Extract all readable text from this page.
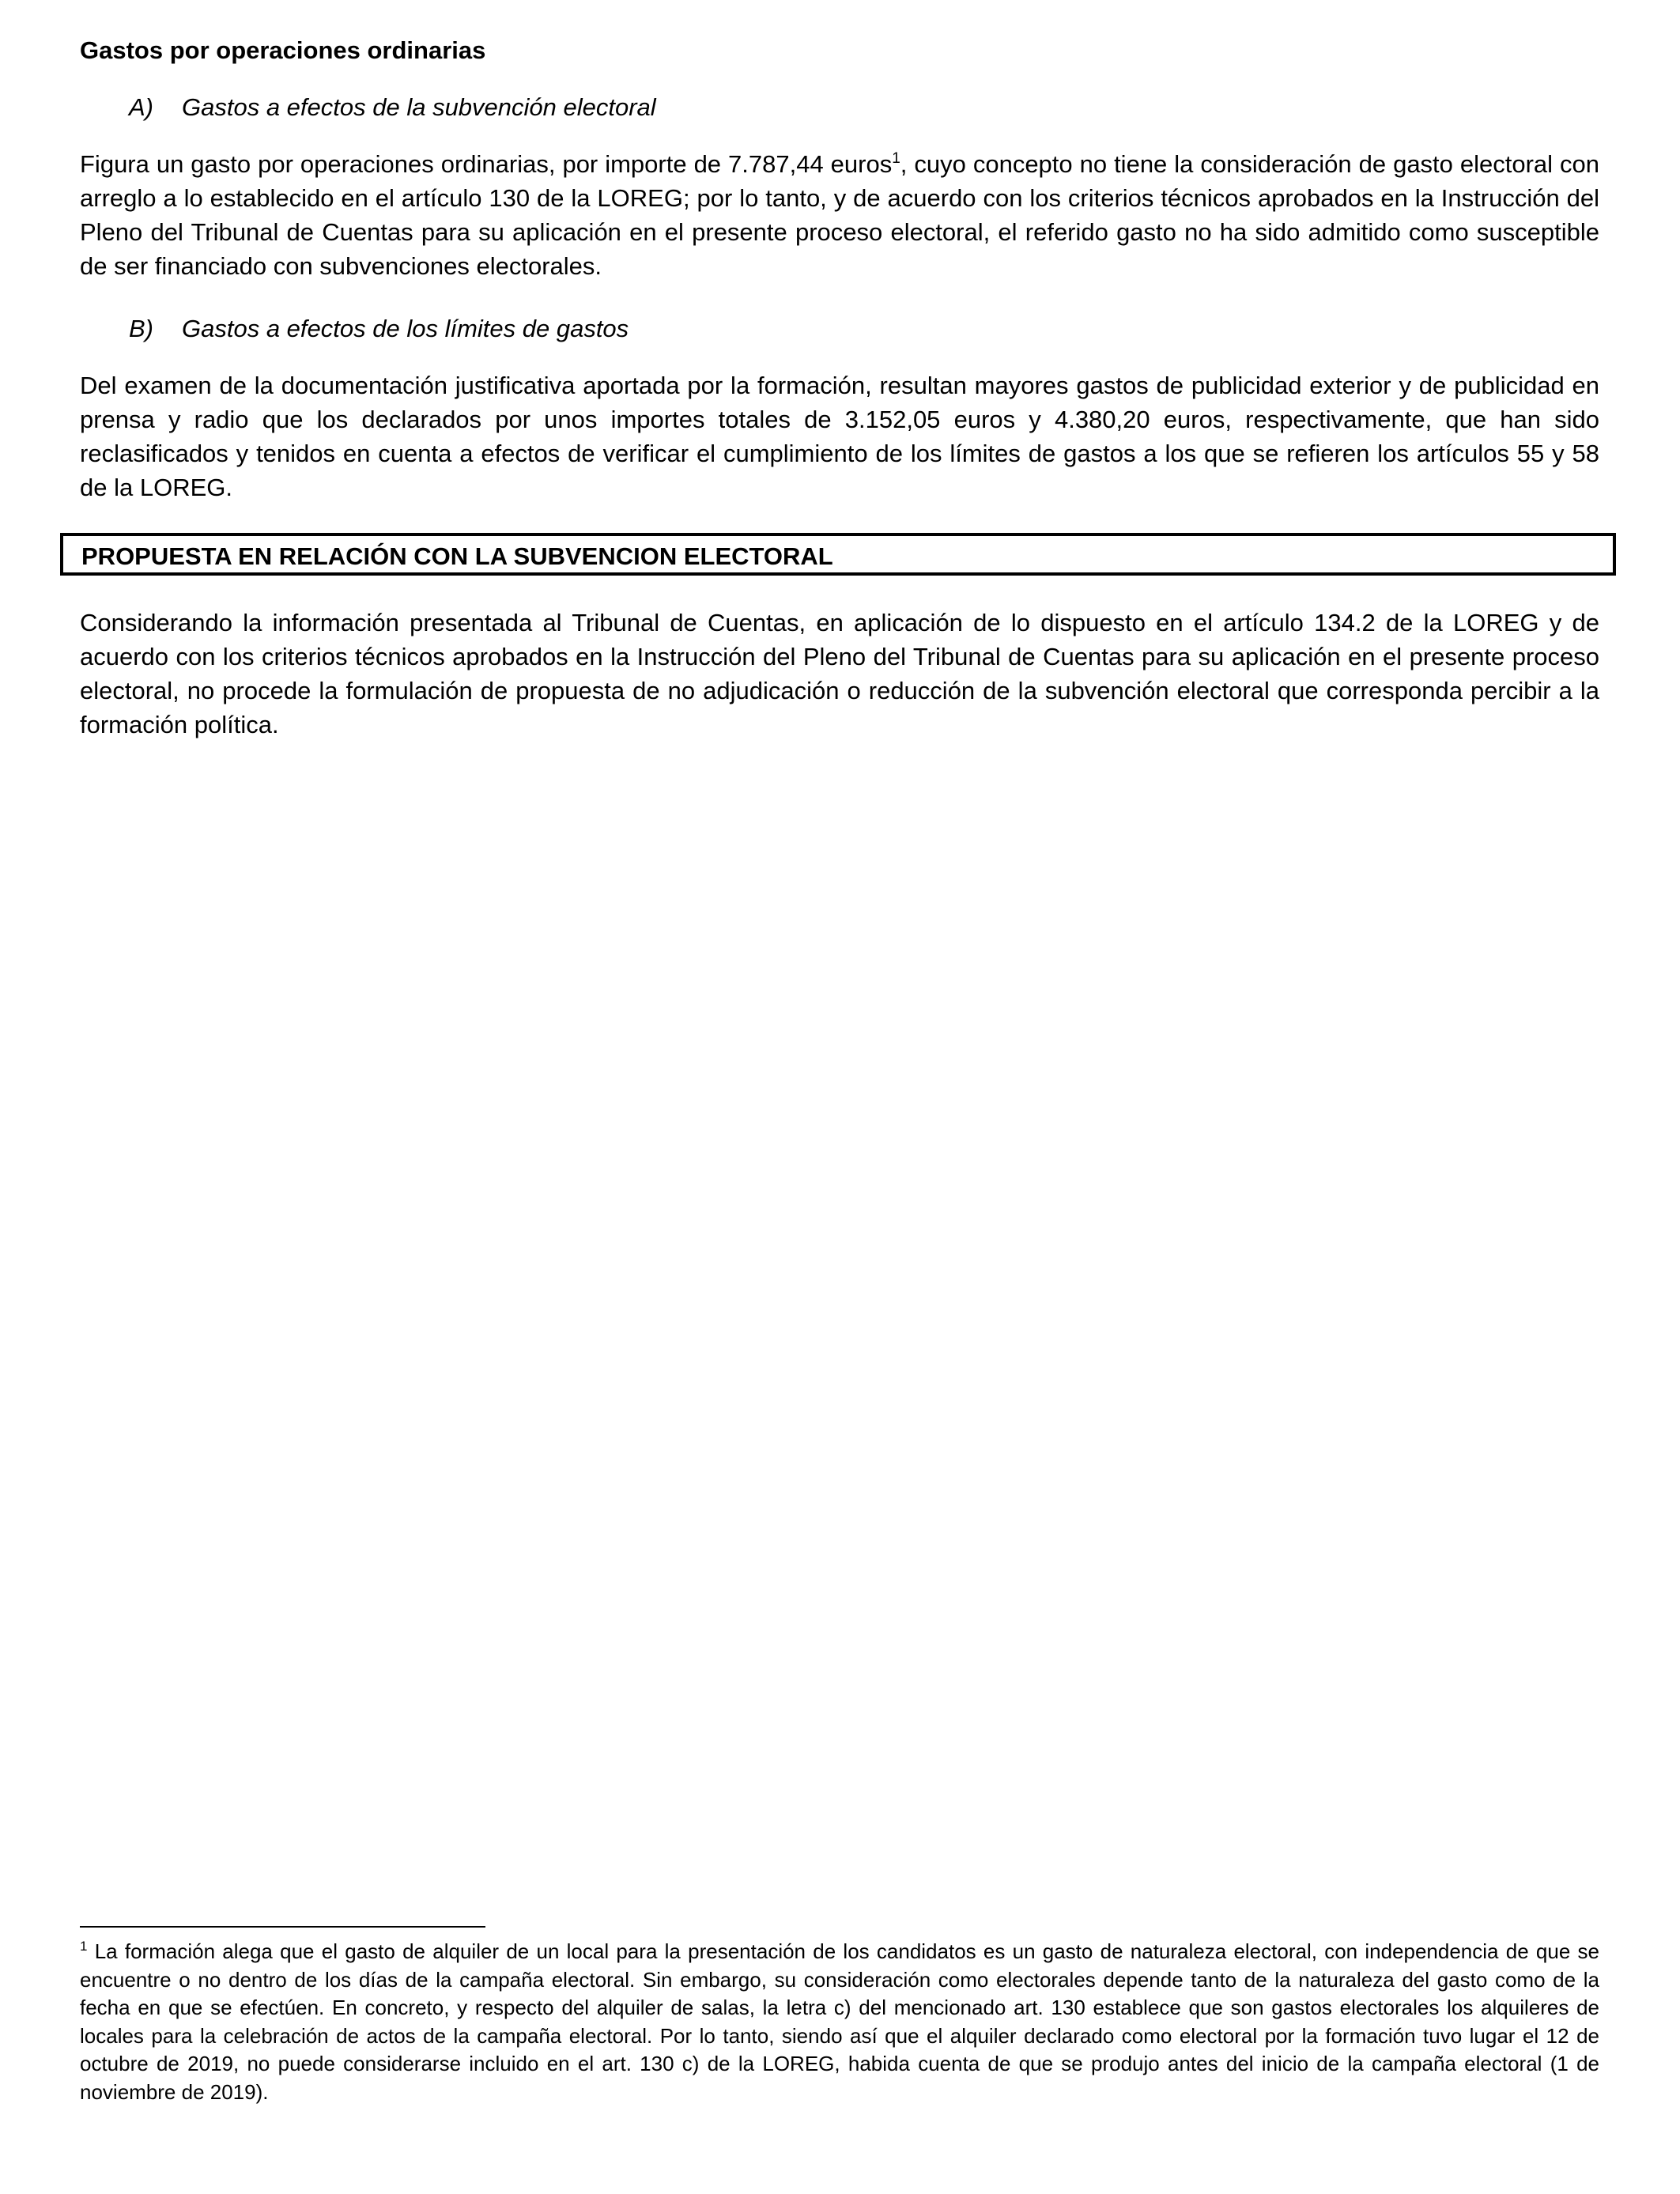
Gastos por operaciones ordinarias

A) Gastos a efectos de la subvención electoral

Figura un gasto por operaciones ordinarias, por importe de 7.787,44 euros$^1$, cuyo concepto no tiene la consideración de gasto electoral con arreglo a lo establecido en el artículo 130 de la LOREG; por lo tanto, y de acuerdo con los criterios técnicos aprobados en la Instrucción del Pleno del Tribunal de Cuentas para su aplicación en el presente proceso electoral, el referido gasto no ha sido admitido como susceptible de ser financiado con subvenciones electorales.

B) Gastos a efectos de los límites de gastos

Del examen de la documentación justificativa aportada por la formación, resultan mayores gastos de publicidad exterior y de publicidad en prensa y radio que los declarados por unos importes totales de 3.152,05 euros y 4.380,20 euros, respectivamente, que han sido reclasificados y tenidos en cuenta a efectos de verificar el cumplimiento de los límites de gastos a los que se refieren los artículos 55 y 58 de la LOREG.

PROPUESTA EN RELACIÓN CON LA SUBVENCION ELECTORAL

Considerando la información presentada al Tribunal de Cuentas, en aplicación de lo dispuesto en el artículo 134.2 de la LOREG y de acuerdo con los criterios técnicos aprobados en la Instrucción del Pleno del Tribunal de Cuentas para su aplicación en el presente proceso electoral, no procede la formulación de propuesta de no adjudicación o reducción de la subvención electoral que corresponda percibir a la formación política.

$^1$ La formación alega que el gasto de alquiler de un local para la presentación de los candidatos es un gasto de naturaleza electoral, con independencia de que se encuentre o no dentro de los días de la campaña electoral. Sin embargo, su consideración como electorales depende tanto de la naturaleza del gasto como de la fecha en que se efectúen. En concreto, y respecto del alquiler de salas, la letra c) del mencionado art. 130 establece que son gastos electorales los alquileres de locales para la celebración de actos de la campaña electoral. Por lo tanto, siendo así que el alquiler declarado como electoral por la formación tuvo lugar el 12 de octubre de 2019, no puede considerarse incluido en el art. 130 c) de la LOREG, habida cuenta de que se produjo antes del inicio de la campaña electoral (1 de noviembre de 2019).
